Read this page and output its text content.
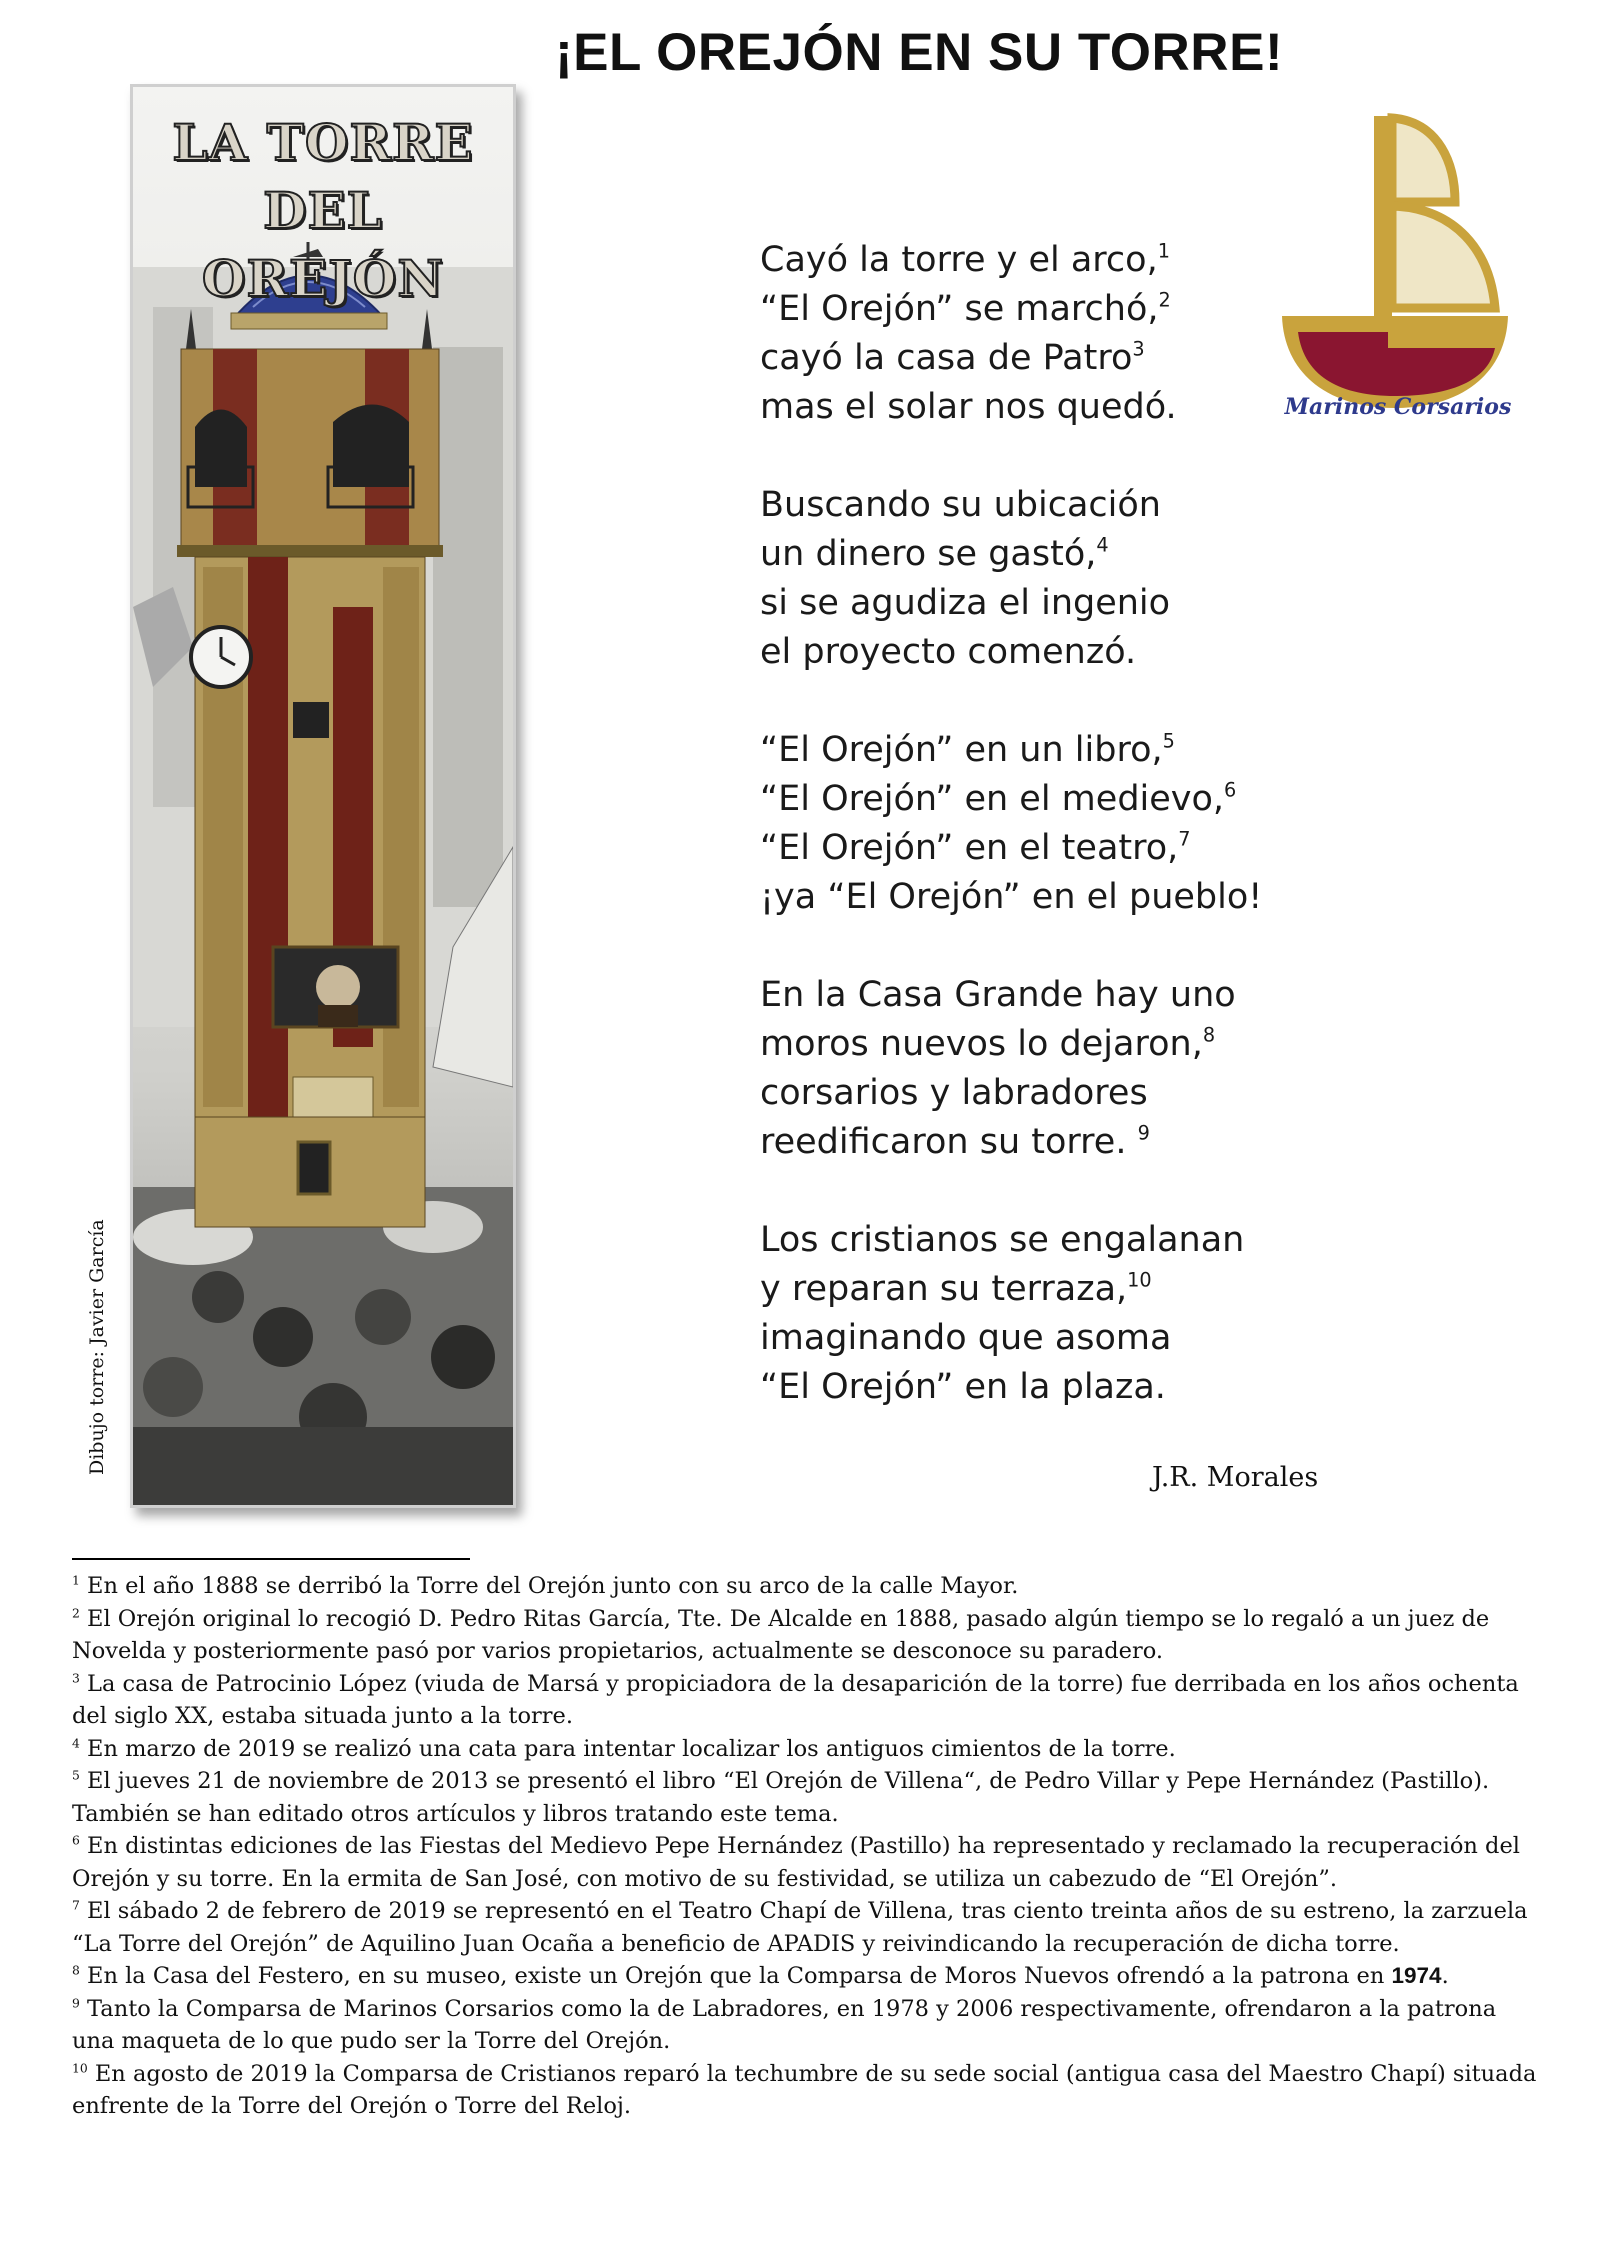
¡EL OREJÓN EN SU TORRE!
LA TORRE
DEL OREJÓN
Dibujo torre: Javier García
Marinos Corsarios
Cayó la torre y el arco,$^1$
“El Orejón” se marchó,$^2$
cayó la casa de Patro$^3$
mas el solar nos quedó.
Buscando su ubicación
un dinero se gastó,$^4$
si se agudiza el ingenio
el proyecto comenzó.
“El Orejón” en un libro,$^5$
“El Orejón” en el medievo,$^6$
“El Orejón” en el teatro,$^7$
¡ya “El Orejón” en el pueblo!
En la Casa Grande hay uno
moros nuevos lo dejaron,$^8$
corsarios y labradores
reedificaron su torre. $^9$
Los cristianos se engalanan
y reparan su terraza,$^{10}$
imaginando que asoma
“El Orejón” en la plaza.
J.R. Morales

$^1$ En el año 1888 se derribó la Torre del Orejón junto con su arco de la calle Mayor.

$^2$ El Orejón original lo recogió D. Pedro Ritas García, Tte. De Alcalde en 1888, pasado algún tiempo se lo regaló a un juez de Novelda y posteriormente pasó por varios propietarios, actualmente se desconoce su paradero.

$^3$ La casa de Patrocinio López (viuda de Marsá y propiciadora de la desaparición de la torre) fue derribada en los años ochenta del siglo XX, estaba situada junto a la torre.

$^4$ En marzo de 2019 se realizó una cata para intentar localizar los antiguos cimientos de la torre.

$^5$ El jueves 21 de noviembre de 2013 se presentó el libro “El Orejón de Villena“, de Pedro Villar y Pepe Hernández (Pastillo). También se han editado otros artículos y libros tratando este tema.

$^6$ En distintas ediciones de las Fiestas del Medievo Pepe Hernández (Pastillo) ha representado y reclamado la recuperación del Orejón y su torre. En la ermita de San José, con motivo de su festividad, se utiliza un cabezudo de “El Orejón”.

$^7$ El sábado 2 de febrero de 2019 se representó en el Teatro Chapí de Villena, tras ciento treinta años de su estreno, la zarzuela “La Torre del Orejón” de Aquilino Juan Ocaña a beneficio de APADIS y reivindicando la recuperación de dicha torre.

$^8$ En la Casa del Festero, en su museo, existe un Orejón que la Comparsa de Moros Nuevos ofrendó a la patrona en 1974.

$^9$ Tanto la Comparsa de Marinos Corsarios como la de Labradores, en 1978 y 2006 respectivamente, ofrendaron a la patrona una maqueta de lo que pudo ser la Torre del Orejón.

$^{10}$ En agosto de 2019 la Comparsa de Cristianos reparó la techumbre de su sede social (antigua casa del Maestro Chapí) situada enfrente de la Torre del Orejón o Torre del Reloj.
